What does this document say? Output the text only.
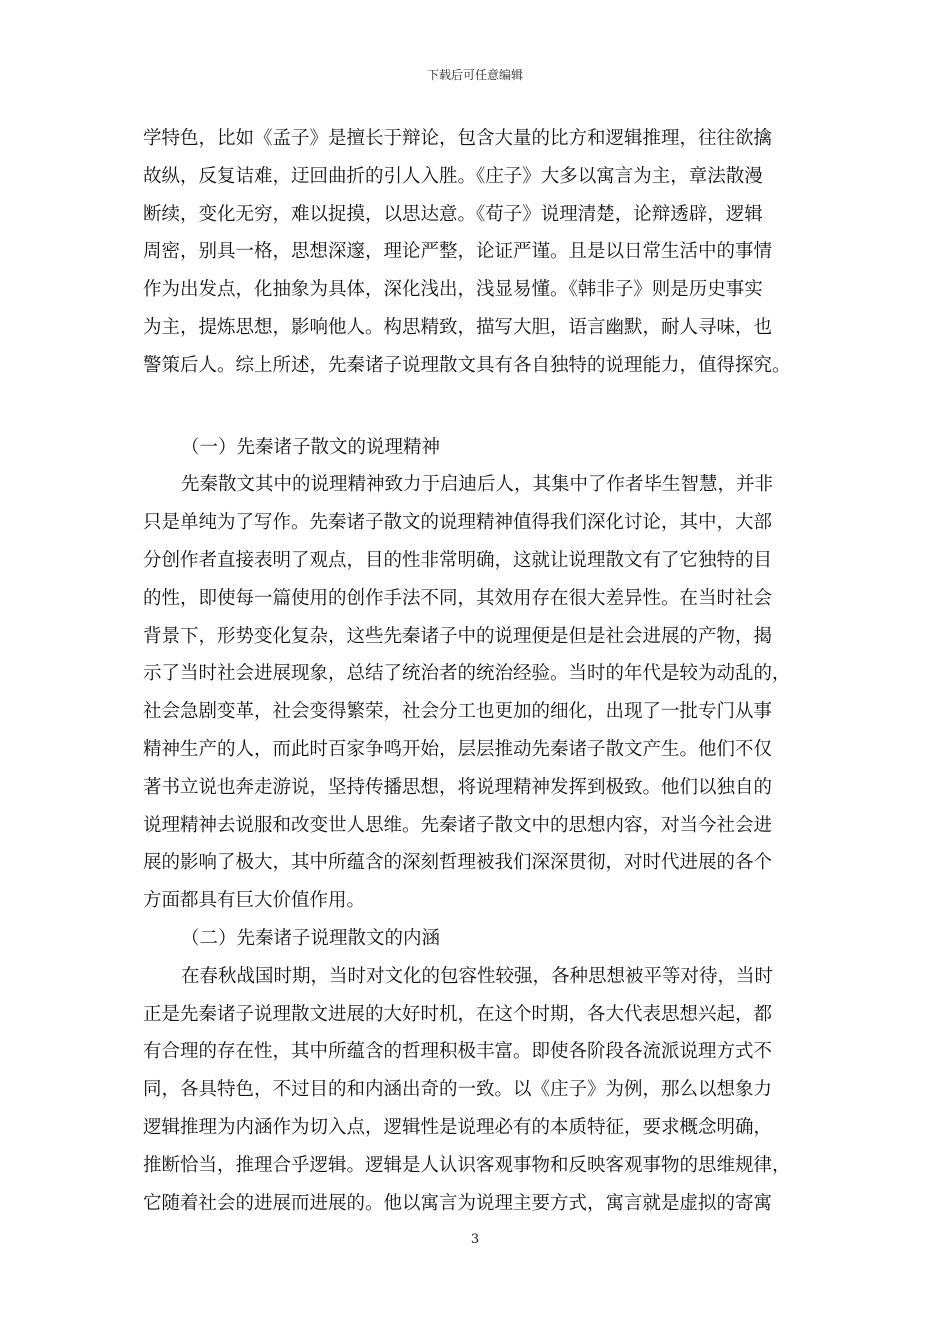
下载后可任意编辑
学特色，比如《孟子》是擅长于辩论，包含大量的比方和逻辑推理，往往欲擒
故纵，反复诘难，迂回曲折的引人入胜。《庄子》大多以寓言为主，章法散漫
断续，变化无穷，难以捉摸，以思达意。《荀子》说理清楚，论辩透辟，逻辑
周密，别具一格，思想深邃，理论严整，论证严谨。且是以日常生活中的事情
作为出发点，化抽象为具体，深化浅出，浅显易懂。《韩非子》则是历史事实
为主，提炼思想，影响他人。构思精致，描写大胆，语言幽默，耐人寻味，也
警策后人。综上所述，先秦诸子说理散文具有各自独特的说理能力，值得探究。
（一）先秦诸子散文的说理精神
先秦散文其中的说理精神致力于启迪后人，其集中了作者毕生智慧，并非
只是单纯为了写作。先秦诸子散文的说理精神值得我们深化讨论，其中，大部
分创作者直接表明了观点，目的性非常明确，这就让说理散文有了它独特的目
的性，即使每一篇使用的创作手法不同，其效用存在很大差异性。在当时社会
背景下，形势变化复杂，这些先秦诸子中的说理便是但是社会进展的产物，揭
示了当时社会进展现象，总结了统治者的统治经验。当时的年代是较为动乱的，
社会急剧变革，社会变得繁荣，社会分工也更加的细化，出现了一批专门从事
精神生产的人，而此时百家争鸣开始，层层推动先秦诸子散文产生。他们不仅
著书立说也奔走游说，坚持传播思想，将说理精神发挥到极致。他们以独自的
说理精神去说服和改变世人思维。先秦诸子散文中的思想内容，对当今社会进
展的影响了极大，其中所蕴含的深刻哲理被我们深深贯彻，对时代进展的各个
方面都具有巨大价值作用。
（二）先秦诸子说理散文的内涵
在春秋战国时期，当时对文化的包容性较强，各种思想被平等对待，当时
正是先秦诸子说理散文进展的大好时机，在这个时期，各大代表思想兴起，都
有合理的存在性，其中所蕴含的哲理积极丰富。即使各阶段各流派说理方式不
同，各具特色，不过目的和内涵出奇的一致。以《庄子》为例，那么以想象力
逻辑推理为内涵作为切入点，逻辑性是说理必有的本质特征，要求概念明确，
推断恰当，推理合乎逻辑。逻辑是人认识客观事物和反映客观事物的思维规律，
它随着社会的进展而进展的。他以寓言为说理主要方式，寓言就是虚拟的寄寓
3
